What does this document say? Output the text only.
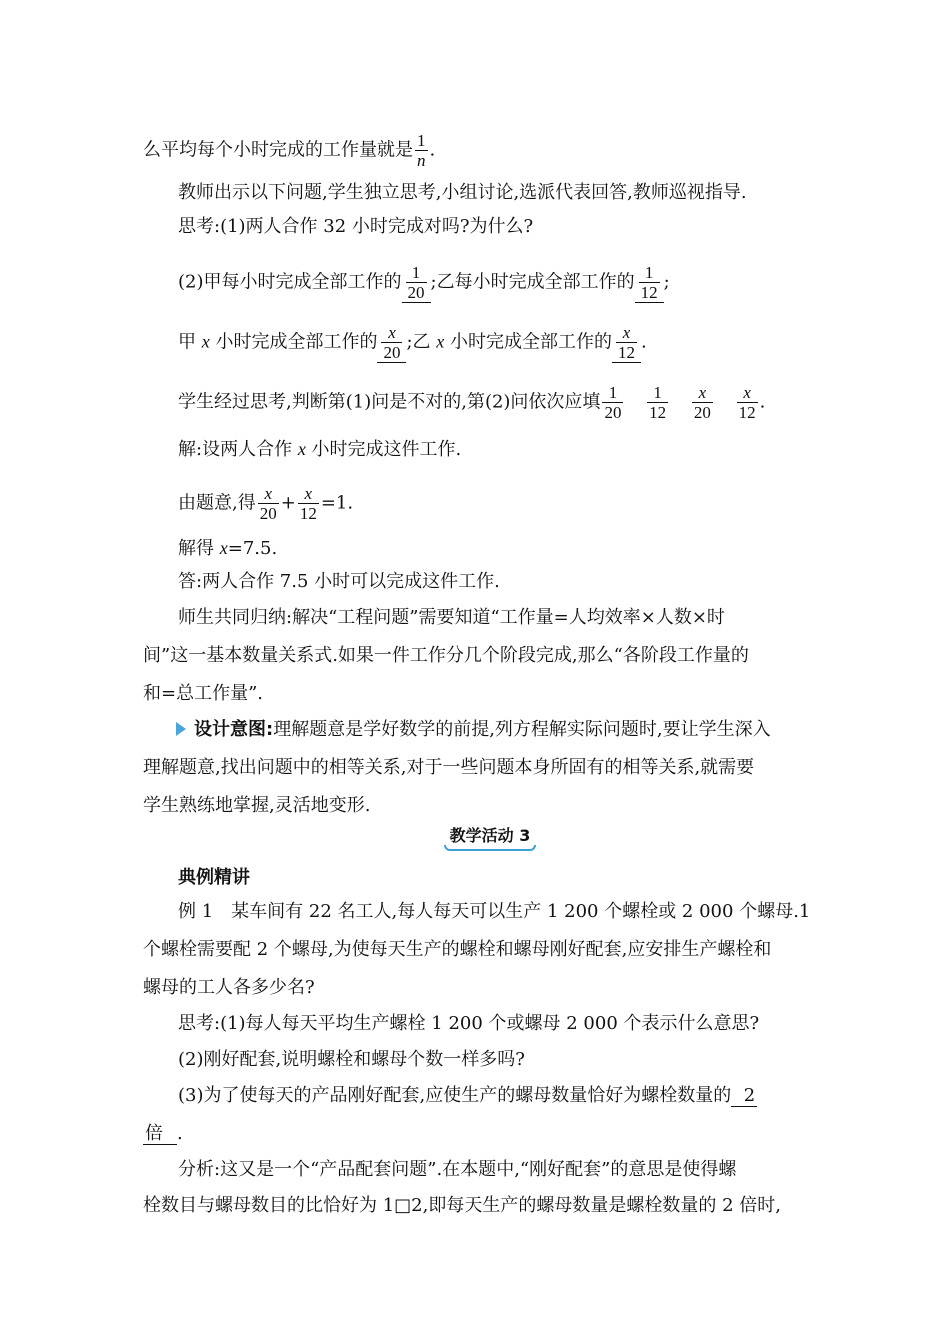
么平均每个小时完成的工作量就是 $\frac{1}{n}$ .
教师出示以下问题,学生独立思考,小组讨论,选派代表回答,教师巡视指导.
思考:(1)两人合作 32 小时完成对吗?为什么?
(2)甲每小时完成全部工作的 $\frac{1}{20}$ ;乙每小时完成全部工作的 $\frac{1}{12}$ ;
甲 x 小时完成全部工作的 $\frac{x}{20}$ ;乙 x 小时完成全部工作的 $\frac{x}{12}$ .
学生经过思考,判断第(1)问是不对的,第(2)问依次应填 $\frac{1}{20}$
$\frac{1}{12}$
$\frac{x}{20}$
$\frac{x}{12}$ .
解:设两人合作 x 小时完成这件工作.
由题意,得 $\frac{x}{20} + \frac{x}{12} =1$.
解得 x=7.5.
答:两人合作 7.5 小时可以完成这件工作.
师生共同归纳:解决“工程问题”需要知道“工作量=人均效率×人数×时
间”这一基本数量关系式.如果一件工作分几个阶段完成,那么“各阶段工作量的
和=总工作量”.
设计意图:理解题意是学好数学的前提,列方程解实际问题时,要让学生深入
理解题意,找出问题中的相等关系,对于一些问题本身所固有的相等关系,就需要
学生熟练地掌握,灵活地变形.
教学活动 3
典例精讲
例 1　某车间有 22 名工人,每人每天可以生产 1 200 个螺栓或 2 000 个螺母.1
个螺栓需要配 2 个螺母,为使每天生产的螺栓和螺母刚好配套,应安排生产螺栓和
螺母的工人各多少名?
思考:(1)每人每天平均生产螺栓 1 200 个或螺母 2 000 个表示什么意思?
(2)刚好配套,说明螺栓和螺母个数一样多吗?
(3)为了使每天的产品刚好配套,应使生产的螺母数量恰好为螺栓数量的 2
倍 .
分析:这又是一个“产品配套问题”.在本题中,“刚好配套”的意思是使得螺
栓数目与螺母数目的比恰好为 1□2,即每天生产的螺母数量是螺栓数量的 2 倍时,
